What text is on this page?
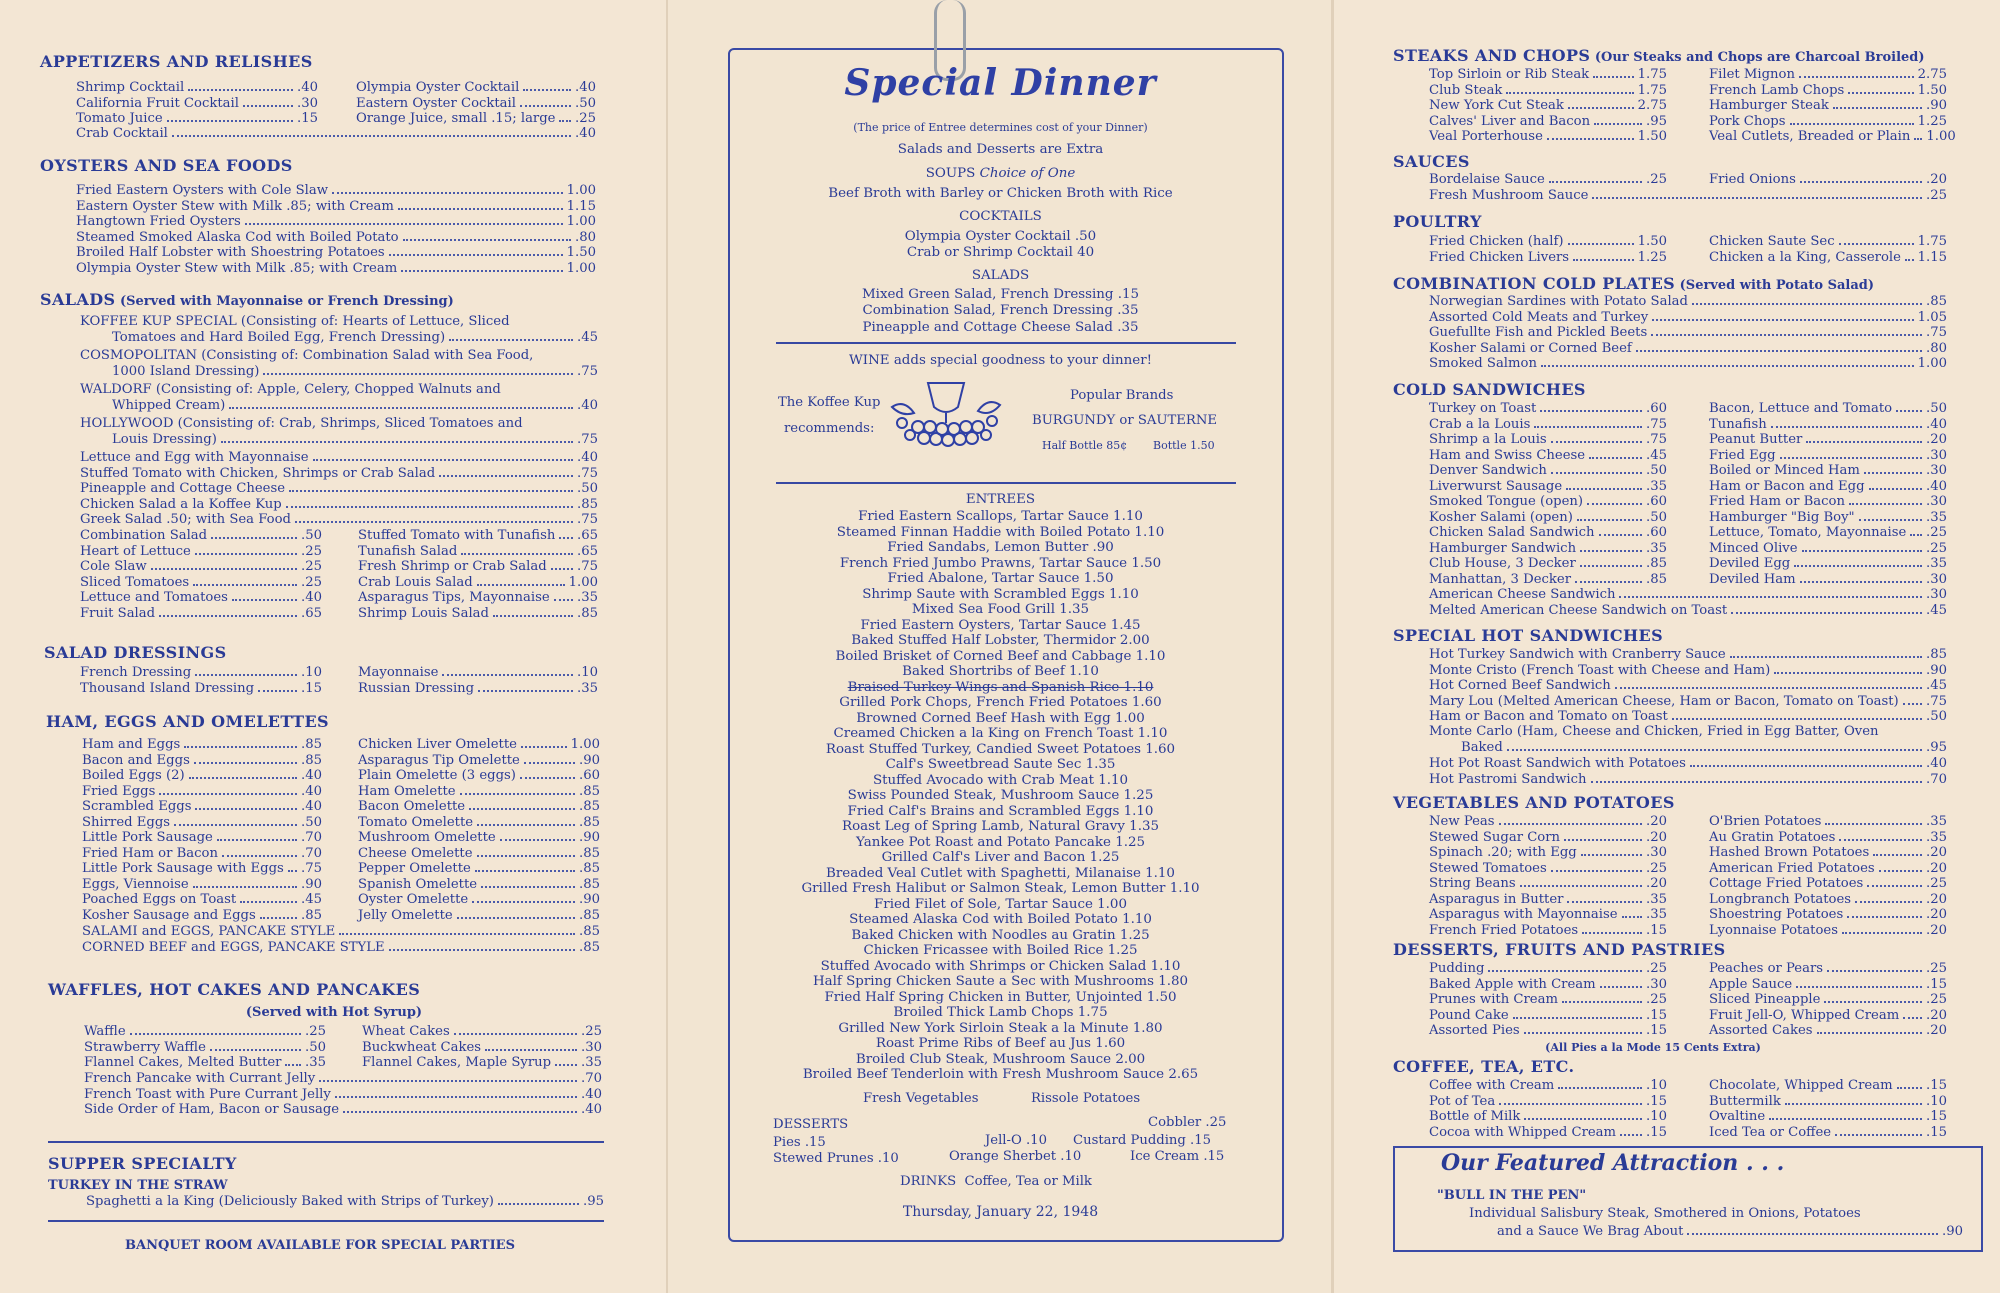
APPETIZERS AND RELISHES
Shrimp Cocktail	.40
California Fruit Cocktail	.30
Tomato Juice	.15
Olympia Oyster Cocktail	.40
Eastern Oyster Cocktail	.50
Orange Juice, small .15; large .25
Crab Cocktail	.40
OYSTERS AND SEA FOODS
Fried Eastern Oysters with Cole Slaw	1.00
Eastern Oyster Stew with Milk .85; with Cream	1.15
Hangtown Fried Oysters	1.00
Steamed Smoked Alaska Cod with Boiled Potato	.80
Broiled Half Lobster with Shoestring Potatoes	1.50
Olympia Oyster Stew with Milk .85; with Cream	1.00
SALADS (Served with Mayonnaise or French Dressing)
KOFFEE KUP SPECIAL (Consisting of: Hearts of Lettuce, Sliced
Tomatoes and Hard Boiled Egg, French Dressing)	.45
COSMOPOLITAN (Consisting of: Combination Salad with Sea Food,
1000 Island Dressing)	.75
WALDORF (Consisting of: Apple, Celery, Chopped Walnuts and
Whipped Cream)	.40
HOLLYWOOD (Consisting of: Crab, Shrimps, Sliced Tomatoes and
Louis Dressing)	.75
Lettuce and Egg with Mayonnaise	.40
Stuffed Tomato with Chicken, Shrimps or Crab Salad	.75
Pineapple and Cottage Cheese	.50
Chicken Salad a la Koffee Kup	.85
Greek Salad .50; with Sea Food	.75
Combination Salad	.50
Heart of Lettuce	.25
Cole Slaw	.25
Sliced Tomatoes	.25
Lettuce and Tomatoes	.40
Fruit Salad	.65
Stuffed Tomato with Tunafish .65
Tunafish Salad	.65
Fresh Shrimp or Crab Salad .75
Crab Louis Salad	1.00
Asparagus Tips, Mayonnaise .35
Shrimp Louis Salad	.85
SALAD DRESSINGS
French Dressing	.10
Thousand Island Dressing	.15
Mayonnaise	.10
Russian Dressing	.35
HAM, EGGS AND OMELETTES
Ham and Eggs	.85
Bacon and Eggs	.85
Boiled Eggs (2)	.40
Fried Eggs	.40
Scrambled Eggs	.40
Shirred Eggs	.50
Little Pork Sausage	.70
Fried Ham or Bacon	.70
Little Pork Sausage with Eggs .75
Eggs, Viennoise	.90
Poached Eggs on Toast	.45
Kosher Sausage and Eggs	.85
Chicken Liver Omelette	1.00
Asparagus Tip Omelette	.90
Plain Omelette (3 eggs)	.60
Ham Omelette	.85
Bacon Omelette	.85
Tomato Omelette	.85
Mushroom Omelette	.90
Cheese Omelette	.85
Pepper Omelette	.85
Spanish Omelette	.85
Oyster Omelette	.90
Jelly Omelette	.85
SALAMI and EGGS, PANCAKE STYLE	.85
CORNED BEEF and EGGS, PANCAKE STYLE	.85
WAFFLES, HOT CAKES AND PANCAKES
(Served with Hot Syrup)
Waffle	.25
Strawberry Waffle	.50
Flannel Cakes, Melted Butter .35
Wheat Cakes	.25
Buckwheat Cakes	.30
Flannel Cakes, Maple Syrup .35
French Pancake with Currant Jelly	.70
French Toast with Pure Currant Jelly	.40
Side Order of Ham, Bacon or Sausage	.40
SUPPER SPECIALTY
TURKEY IN THE STRAW
Spaghetti a la King (Deliciously Baked with Strips of Turkey)	.95
BANQUET ROOM AVAILABLE FOR SPECIAL PARTIES
Special Dinner
(The price of Entree determines cost of your Dinner)
Salads and Desserts are Extra
SOUPS Choice of One
Beef Broth with Barley or Chicken Broth with Rice
COCKTAILS
Olympia Oyster Cocktail .50
Crab or Shrimp Cocktail 40
SALADS
Mixed Green Salad, French Dressing .15
Combination Salad, French Dressing .35
Pineapple and Cottage Cheese Salad .35
WINE adds special goodness to your dinner!
The Koffee Kup
recommends:
Popular Brands
BURGUNDY or SAUTERNE
Half Bottle 85¢ Bottle 1.50
ENTREES
Fried Eastern Scallops, Tartar Sauce 1.10
Steamed Finnan Haddie with Boiled Potato 1.10
Fried Sandabs, Lemon Butter .90
French Fried Jumbo Prawns, Tartar Sauce 1.50
Fried Abalone, Tartar Sauce 1.50
Shrimp Saute with Scrambled Eggs 1.10
Mixed Sea Food Grill 1.35
Fried Eastern Oysters, Tartar Sauce 1.45
Baked Stuffed Half Lobster, Thermidor 2.00
Boiled Brisket of Corned Beef and Cabbage 1.10
Baked Shortribs of Beef 1.10
Braised Turkey Wings and Spanish Rice 1.10
Grilled Pork Chops, French Fried Potatoes 1.60
Browned Corned Beef Hash with Egg 1.00
Creamed Chicken a la King on French Toast 1.10
Roast Stuffed Turkey, Candied Sweet Potatoes 1.60
Calf's Sweetbread Saute Sec 1.35
Stuffed Avocado with Crab Meat 1.10
Swiss Pounded Steak, Mushroom Sauce 1.25
Fried Calf's Brains and Scrambled Eggs 1.10
Roast Leg of Spring Lamb, Natural Gravy 1.35
Yankee Pot Roast and Potato Pancake 1.25
Grilled Calf's Liver and Bacon 1.25
Breaded Veal Cutlet with Spaghetti, Milanaise 1.10
Grilled Fresh Halibut or Salmon Steak, Lemon Butter 1.10
Fried Filet of Sole, Tartar Sauce 1.00
Steamed Alaska Cod with Boiled Potato 1.10
Baked Chicken with Noodles au Gratin 1.25
Chicken Fricassee with Boiled Rice 1.25
Stuffed Avocado with Shrimps or Chicken Salad 1.10
Half Spring Chicken Saute a Sec with Mushrooms 1.80
Fried Half Spring Chicken in Butter, Unjointed 1.50
Broiled Thick Lamb Chops 1.75
Grilled New York Sirloin Steak a la Minute 1.80
Roast Prime Ribs of Beef au Jus 1.60
Broiled Club Steak, Mushroom Sauce 2.00
Broiled Beef Tenderloin with Fresh Mushroom Sauce 2.65
Fresh Vegetables	Rissole Potatoes
DESSERTS	Cobbler .25
Pies .15	Jell-O .10 Custard Pudding .15
Stewed Prunes .10	Orange Sherbet .10	Ice Cream .15
DRINKS Coffee, Tea or Milk
Thursday, January 22, 1948
STEAKS AND CHOPS (Our Steaks and Chops are Charcoal Broiled)
Top Sirloin or Rib Steak	1.75
Club Steak	1.75
New York Cut Steak	2.75
Calves' Liver and Bacon	.95
Veal Porterhouse	1.50
Filet Mignon	2.75
French Lamb Chops	1.50
Hamburger Steak	.90
Pork Chops	1.25
Veal Cutlets, Breaded or Plain 1.00
SAUCES
Bordelaise Sauce	.25	Fried Onions	.20
Fresh Mushroom Sauce	.25
POULTRY
Fried Chicken (half)	1.50
Fried Chicken Livers	1.25
Chicken Saute Sec	1.75
Chicken a la King, Casserole 1.15
COMBINATION COLD PLATES (Served with Potato Salad)
Norwegian Sardines with Potato Salad	.85
Assorted Cold Meats and Turkey	1.05
Guefullte Fish and Pickled Beets	.75
Kosher Salami or Corned Beef	.80
Smoked Salmon	1.00
COLD SANDWICHES
Turkey on Toast	.60
Crab a la Louis	.75
Shrimp a la Louis	.75
Ham and Swiss Cheese	.45
Denver Sandwich	.50
Liverwurst Sausage	.35
Smoked Tongue (open)	.60
Kosher Salami (open)	.50
Chicken Salad Sandwich	.60
Hamburger Sandwich	.35
Club House, 3 Decker	.85
Manhattan, 3 Decker	.85
Bacon, Lettuce and Tomato	.50
Tunafish	.40
Peanut Butter	.20
Fried Egg	.30
Boiled or Minced Ham	.30
Ham or Bacon and Egg	.40
Fried Ham or Bacon	.30
Hamburger "Big Boy"	.35
Lettuce, Tomato, Mayonnaise .25
Minced Olive	.25
Deviled Egg	.35
Deviled Ham	.30
American Cheese Sandwich	.30
Melted American Cheese Sandwich on Toast	.45
SPECIAL HOT SANDWICHES
Hot Turkey Sandwich with Cranberry Sauce	.85
Monte Cristo (French Toast with Cheese and Ham)	.90
Hot Corned Beef Sandwich	.45
Mary Lou (Melted American Cheese, Ham or Bacon, Tomato on Toast) .75
Ham or Bacon and Tomato on Toast	.50
Monte Carlo (Ham, Cheese and Chicken, Fried in Egg Batter, Oven
Baked	.95
Hot Pot Roast Sandwich with Potatoes	.40
Hot Pastromi Sandwich	.70
VEGETABLES AND POTATOES
New Peas	.20
Stewed Sugar Corn	.20
Spinach .20; with Egg	.30
Stewed Tomatoes	.25
String Beans	.20
Asparagus in Butter	.35
Asparagus with Mayonnaise .35
French Fried Potatoes	.15
O'Brien Potatoes	.35
Au Gratin Potatoes	.35
Hashed Brown Potatoes	.20
American Fried Potatoes	.20
Cottage Fried Potatoes	.25
Longbranch Potatoes	.20
Shoestring Potatoes	.20
Lyonnaise Potatoes	.20
DESSERTS, FRUITS AND PASTRIES
Pudding	.25
Baked Apple with Cream	.30
Prunes with Cream	.25
Pound Cake	.15
Assorted Pies	.15
Peaches or Pears	.25
Apple Sauce	.15
Sliced Pineapple	.25
Fruit Jell-O, Whipped Cream .20
Assorted Cakes	.20
(All Pies a la Mode 15 Cents Extra)
COFFEE, TEA, ETC.
Coffee with Cream	.10
Pot of Tea	.15
Bottle of Milk	.10
Cocoa with Whipped Cream .15
Chocolate, Whipped Cream	.15
Buttermilk	.10
Ovaltine	.15
Iced Tea or Coffee	.15
Our Featured Attraction . . .
"BULL IN THE PEN"
Individual Salisbury Steak, Smothered in Onions, Potatoes
and a Sauce We Brag About	.90
